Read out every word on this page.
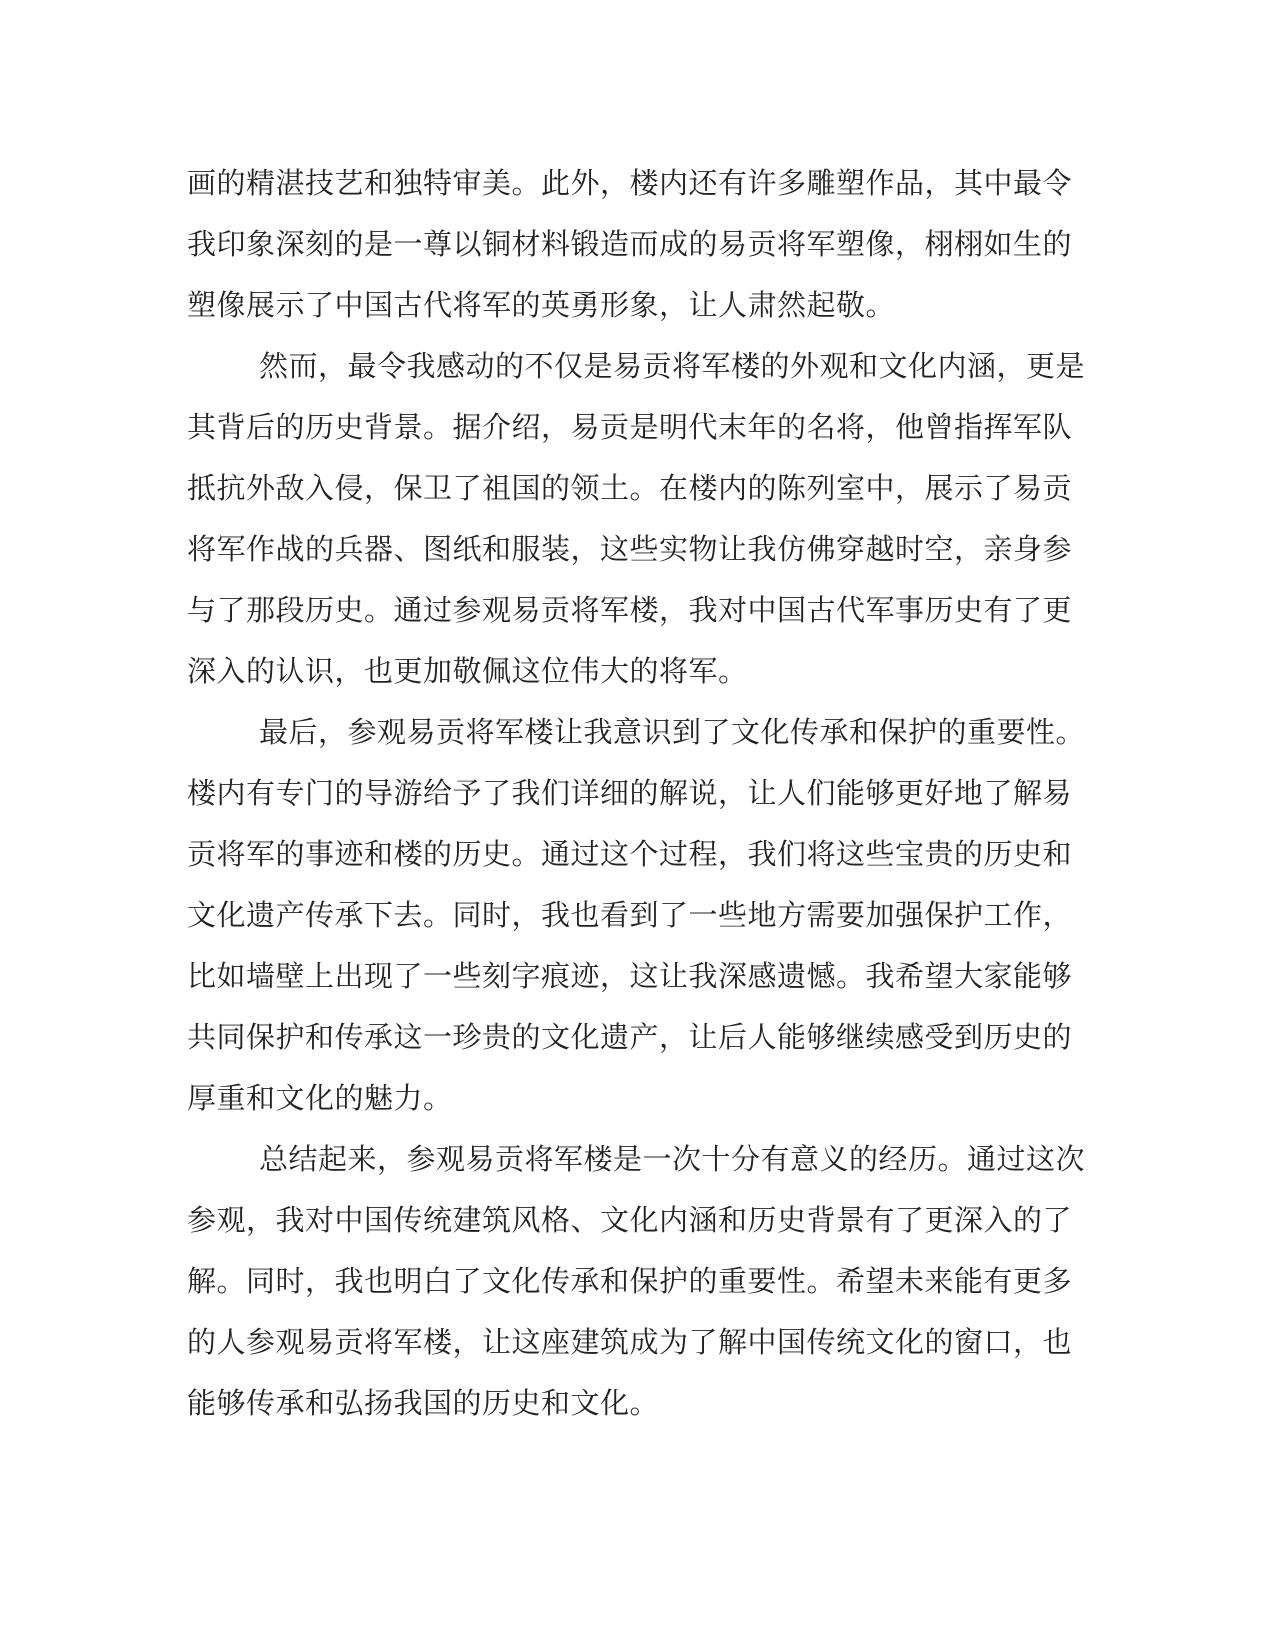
画的精湛技艺和独特审美。此外，楼内还有许多雕塑作品，其中最令
我印象深刻的是一尊以铜材料锻造而成的易贡将军塑像，栩栩如生的
塑像展示了中国古代将军的英勇形象，让人肃然起敬。
然而，最令我感动的不仅是易贡将军楼的外观和文化内涵，更是
其背后的历史背景。据介绍，易贡是明代末年的名将，他曾指挥军队
抵抗外敌入侵，保卫了祖国的领土。在楼内的陈列室中，展示了易贡
将军作战的兵器、图纸和服装，这些实物让我仿佛穿越时空，亲身参
与了那段历史。通过参观易贡将军楼，我对中国古代军事历史有了更
深入的认识，也更加敬佩这位伟大的将军。
最后，参观易贡将军楼让我意识到了文化传承和保护的重要性。
楼内有专门的导游给予了我们详细的解说，让人们能够更好地了解易
贡将军的事迹和楼的历史。通过这个过程，我们将这些宝贵的历史和
文化遗产传承下去。同时，我也看到了一些地方需要加强保护工作，
比如墙壁上出现了一些刻字痕迹，这让我深感遗憾。我希望大家能够
共同保护和传承这一珍贵的文化遗产，让后人能够继续感受到历史的
厚重和文化的魅力。
总结起来，参观易贡将军楼是一次十分有意义的经历。通过这次
参观，我对中国传统建筑风格、文化内涵和历史背景有了更深入的了
解。同时，我也明白了文化传承和保护的重要性。希望未来能有更多
的人参观易贡将军楼，让这座建筑成为了解中国传统文化的窗口，也
能够传承和弘扬我国的历史和文化。
